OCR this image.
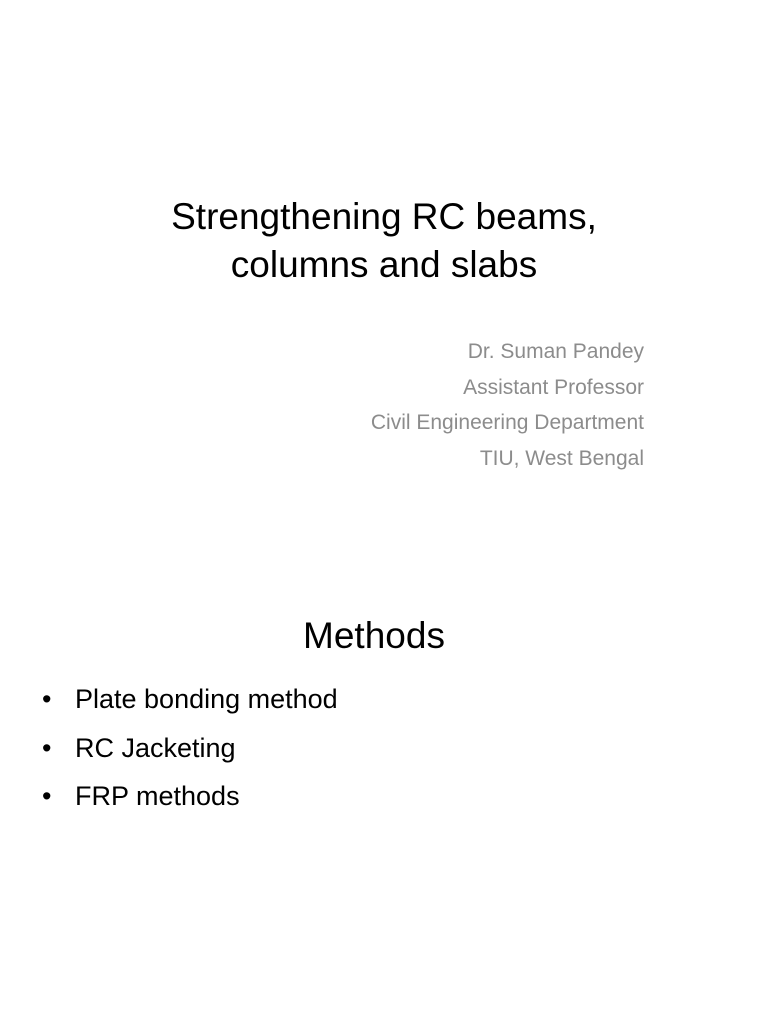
Strengthening RC beams,
columns and slabs
Dr. Suman Pandey
Assistant Professor
Civil Engineering Department
TIU, West Bengal
Methods
• Plate bonding method
• RC Jacketing
• FRP methods
